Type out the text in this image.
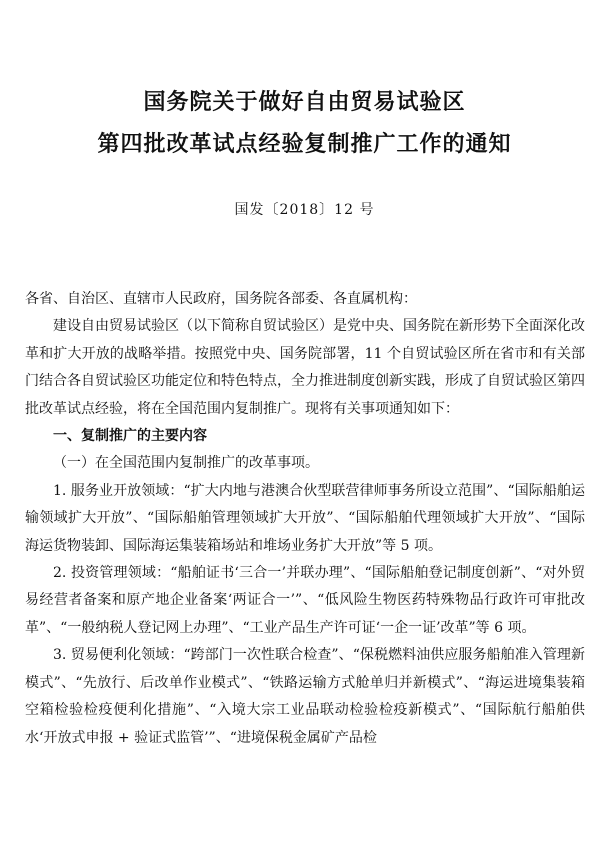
国务院关于做好自由贸易试验区
第四批改革试点经验复制推广工作的通知
国发〔2018〕12 号

各省、自治区、直辖市人民政府，国务院各部委、各直属机构：

建设自由贸易试验区（以下简称自贸试验区）是党中央、国务院在新形势下全面深化改革和扩大开放的战略举措。按照党中央、国务院部署，11 个自贸试验区所在省市和有关部门结合各自贸试验区功能定位和特色特点，全力推进制度创新实践，形成了自贸试验区第四批改革试点经验，将在全国范围内复制推广。现将有关事项通知如下：

一、复制推广的主要内容

（一）在全国范围内复制推广的改革事项。

1. 服务业开放领域：“扩大内地与港澳合伙型联营律师事务所设立范围”、“国际船舶运输领域扩大开放”、“国际船舶管理领域扩大开放”、“国际船舶代理领域扩大开放”、“国际海运货物装卸、国际海运集装箱场站和堆场业务扩大开放”等 5 项。

2. 投资管理领域：“船舶证书‘三合一’并联办理”、“国际船舶登记制度创新”、“对外贸易经营者备案和原产地企业备案‘两证合一’”、“低风险生物医药特殊物品行政许可审批改革”、“一般纳税人登记网上办理”、“工业产品生产许可证‘一企一证’改革”等 6 项。

3. 贸易便利化领域：“跨部门一次性联合检查”、“保税燃料油供应服务船舶准入管理新模式”、“先放行、后改单作业模式”、“铁路运输方式舱单归并新模式”、“海运进境集装箱空箱检验检疫便利化措施”、“入境大宗工业品联动检验检疫新模式”、“国际航行船舶供水‘开放式申报 + 验证式监管’”、“进境保税金属矿产品检
